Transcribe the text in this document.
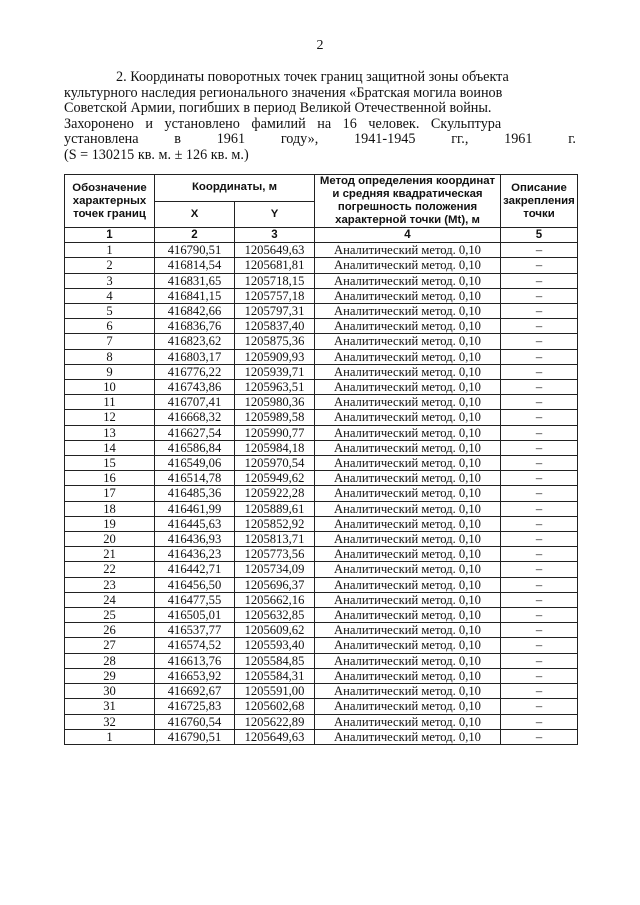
2
2. Координаты поворотных точек границ защитной зоны объекта
культурного наследия регионального значения «Братская могила воинов
Советской Армии, погибших в период Великой Отечественной войны.
Захоронено и установлено фамилий на 16 человек. Скульптура
установлена	в	1961	году»,	1941-1945	гг.,	1961	г.
(S = 130215 кв. м. ± 126 кв. м.)
Обозначение характерных точек границ	Координаты, м		Метод определения координат и средняя квадратическая погрешность положения характерной точки (Mt), м	Описание закрепления точки
	X	Y		
1	2	3	4	5
1	416790,51	1205649,63	Аналитический метод. 0,10	–
2	416814,54	1205681,81	Аналитический метод. 0,10	–
3	416831,65	1205718,15	Аналитический метод. 0,10	–
4	416841,15	1205757,18	Аналитический метод. 0,10	–
5	416842,66	1205797,31	Аналитический метод. 0,10	–
6	416836,76	1205837,40	Аналитический метод. 0,10	–
7	416823,62	1205875,36	Аналитический метод. 0,10	–
8	416803,17	1205909,93	Аналитический метод. 0,10	–
9	416776,22	1205939,71	Аналитический метод. 0,10	–
10	416743,86	1205963,51	Аналитический метод. 0,10	–
11	416707,41	1205980,36	Аналитический метод. 0,10	–
12	416668,32	1205989,58	Аналитический метод. 0,10	–
13	416627,54	1205990,77	Аналитический метод. 0,10	–
14	416586,84	1205984,18	Аналитический метод. 0,10	–
15	416549,06	1205970,54	Аналитический метод. 0,10	–
16	416514,78	1205949,62	Аналитический метод. 0,10	–
17	416485,36	1205922,28	Аналитический метод. 0,10	–
18	416461,99	1205889,61	Аналитический метод. 0,10	–
19	416445,63	1205852,92	Аналитический метод. 0,10	–
20	416436,93	1205813,71	Аналитический метод. 0,10	–
21	416436,23	1205773,56	Аналитический метод. 0,10	–
22	416442,71	1205734,09	Аналитический метод. 0,10	–
23	416456,50	1205696,37	Аналитический метод. 0,10	–
24	416477,55	1205662,16	Аналитический метод. 0,10	–
25	416505,01	1205632,85	Аналитический метод. 0,10	–
26	416537,77	1205609,62	Аналитический метод. 0,10	–
27	416574,52	1205593,40	Аналитический метод. 0,10	–
28	416613,76	1205584,85	Аналитический метод. 0,10	–
29	416653,92	1205584,31	Аналитический метод. 0,10	–
30	416692,67	1205591,00	Аналитический метод. 0,10	–
31	416725,83	1205602,68	Аналитический метод. 0,10	–
32	416760,54	1205622,89	Аналитический метод. 0,10	–
1	416790,51	1205649,63	Аналитический метод. 0,10	–
